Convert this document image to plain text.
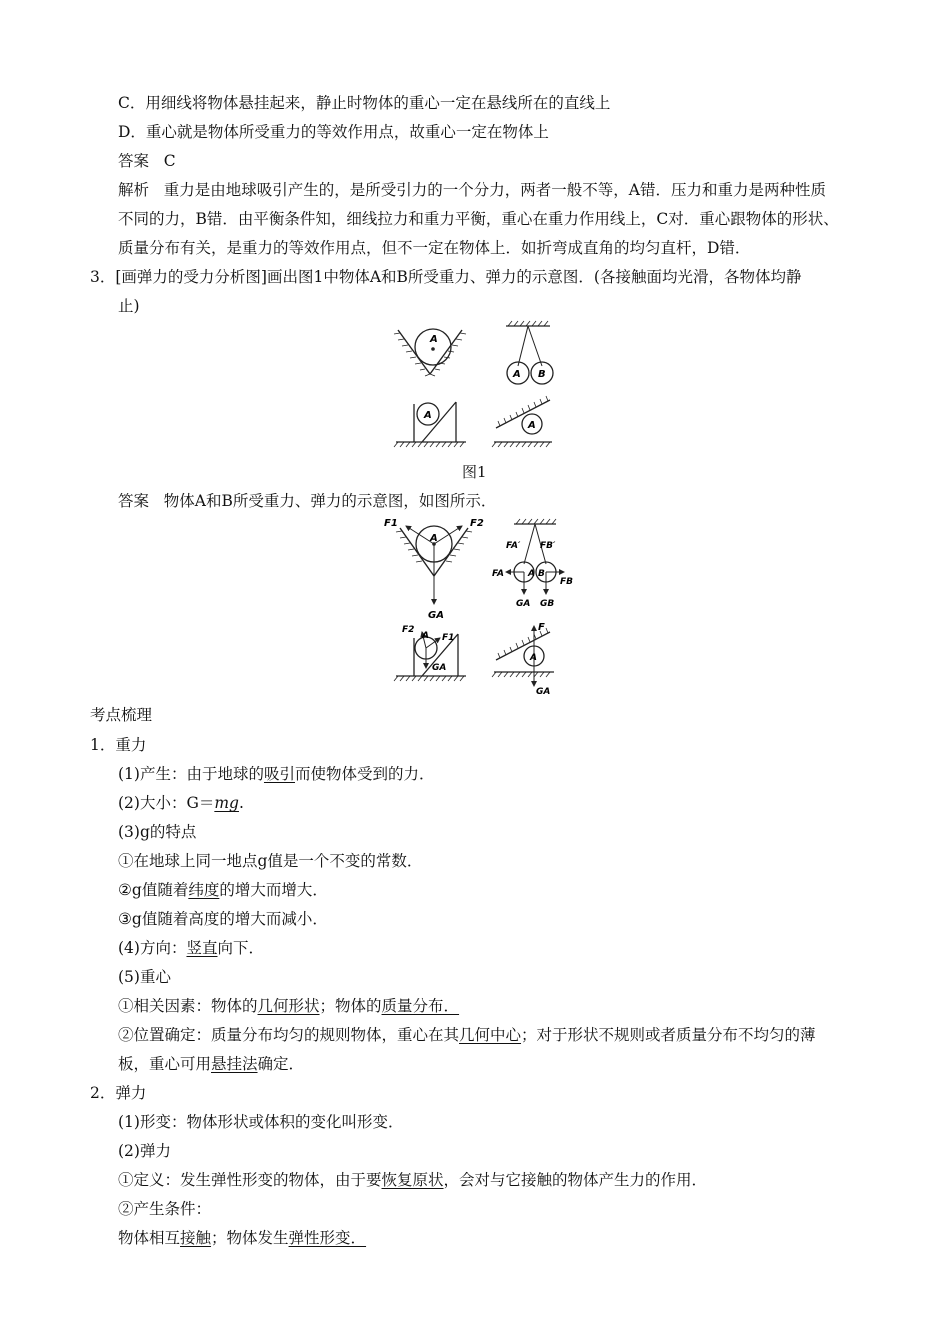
C．用细线将物体悬挂起来，静止时物体的重心一定在悬线所在的直线上
D．重心就是物体所受重力的等效作用点，故重心一定在物体上
答案 C
解析 重力是由地球吸引产生的，是所受引力的一个分力，两者一般不等，A错．压力和重力是两种性质
不同的力，B错．由平衡条件知，细线拉力和重力平衡，重心在重力作用线上，C对．重心跟物体的形状、
质量分布有关，是重力的等效作用点，但不一定在物体上．如折弯成直角的均匀直杆，D错．
3．[画弹力的受力分析图]画出图1中物体A和B所受重力、弹力的示意图．(各接触面均光滑，各物体均静
止)
A
A B
A
A
图1
答案 物体A和B所受重力、弹力的示意图，如图所示．
A
F1	F2
GA
FA′ FB′
FA
FB
A B
GA GB
F2
F1
A
GA
F
A
GA
考点梳理
1．重力
(1)产生：由于地球的吸引而使物体受到的力．
(2)大小：G＝mg.
(3)g的特点
①在地球上同一地点g值是一个不变的常数．
②g值随着纬度的增大而增大．
③g值随着高度的增大而减小．
(4)方向：竖直向下．
(5)重心
①相关因素：物体的几何形状；物体的质量分布．
②位置确定：质量分布均匀的规则物体，重心在其几何中心；对于形状不规则或者质量分布不均匀的薄
板，重心可用悬挂法确定．
2．弹力
(1)形变：物体形状或体积的变化叫形变．
(2)弹力
①定义：发生弹性形变的物体，由于要恢复原状，会对与它接触的物体产生力的作用．
②产生条件：
物体相互接触；物体发生弹性形变．
